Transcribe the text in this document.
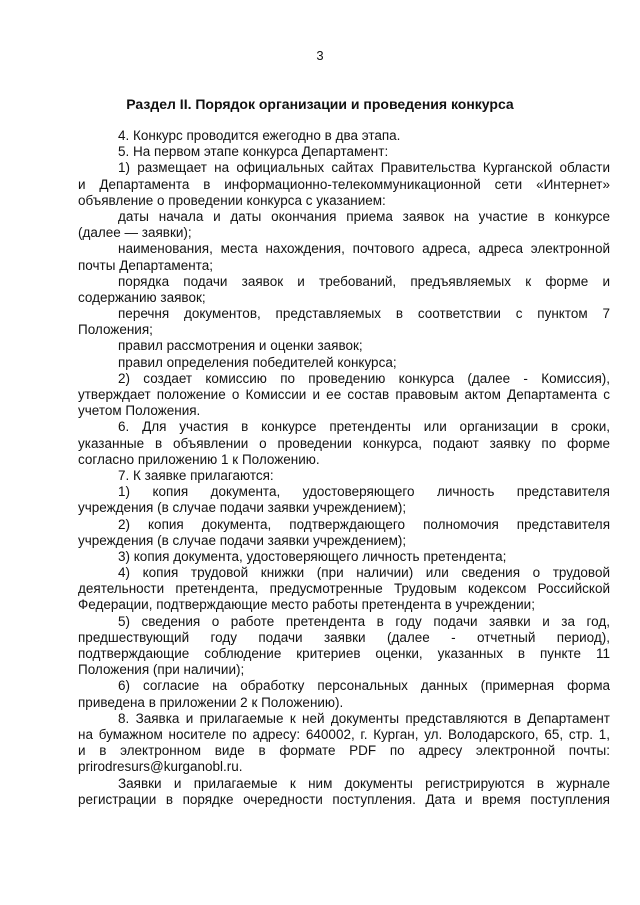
3
Раздел II. Порядок организации и проведения конкурса
4. Конкурс проводится ежегодно в два этапа.
5. На первом этапе конкурса Департамент:
1) размещает на официальных сайтах Правительства Курганской области
и Департамента в информационно-телекоммуникационной сети «Интернет»
объявление о проведении конкурса с указанием:
даты начала и даты окончания приема заявок на участие в конкурсе
(далее — заявки);
наименования, места нахождения, почтового адреса, адреса электронной
почты Департамента;
порядка подачи заявок и требований, предъявляемых к форме и
содержанию заявок;
перечня документов, представляемых в соответствии с пунктом 7
Положения;
правил рассмотрения и оценки заявок;
правил определения победителей конкурса;
2) создает комиссию по проведению конкурса (далее - Комиссия),
утверждает положение о Комиссии и ее состав правовым актом Департамента с
учетом Положения.
6. Для участия в конкурсе претенденты или организации в сроки,
указанные в объявлении о проведении конкурса, подают заявку по форме
согласно приложению 1 к Положению.
7. К заявке прилагаются:
1) копия документа, удостоверяющего личность представителя
учреждения (в случае подачи заявки учреждением);
2) копия документа, подтверждающего полномочия представителя
учреждения (в случае подачи заявки учреждением);
3) копия документа, удостоверяющего личность претендента;
4) копия трудовой книжки (при наличии) или сведения о трудовой
деятельности претендента, предусмотренные Трудовым кодексом Российской
Федерации, подтверждающие место работы претендента в учреждении;
5) сведения о работе претендента в году подачи заявки и за год,
предшествующий году подачи заявки (далее - отчетный период),
подтверждающие соблюдение критериев оценки, указанных в пункте 11
Положения (при наличии);
6) согласие на обработку персональных данных (примерная форма
приведена в приложении 2 к Положению).
8. Заявка и прилагаемые к ней документы представляются в Департамент
на бумажном носителе по адресу: 640002, г. Курган, ул. Володарского, 65, стр. 1,
и в электронном виде в формате PDF по адресу электронной почты:
prirodresurs@kurganobl.ru.
Заявки и прилагаемые к ним документы регистрируются в журнале
регистрации в порядке очередности поступления. Дата и время поступления
